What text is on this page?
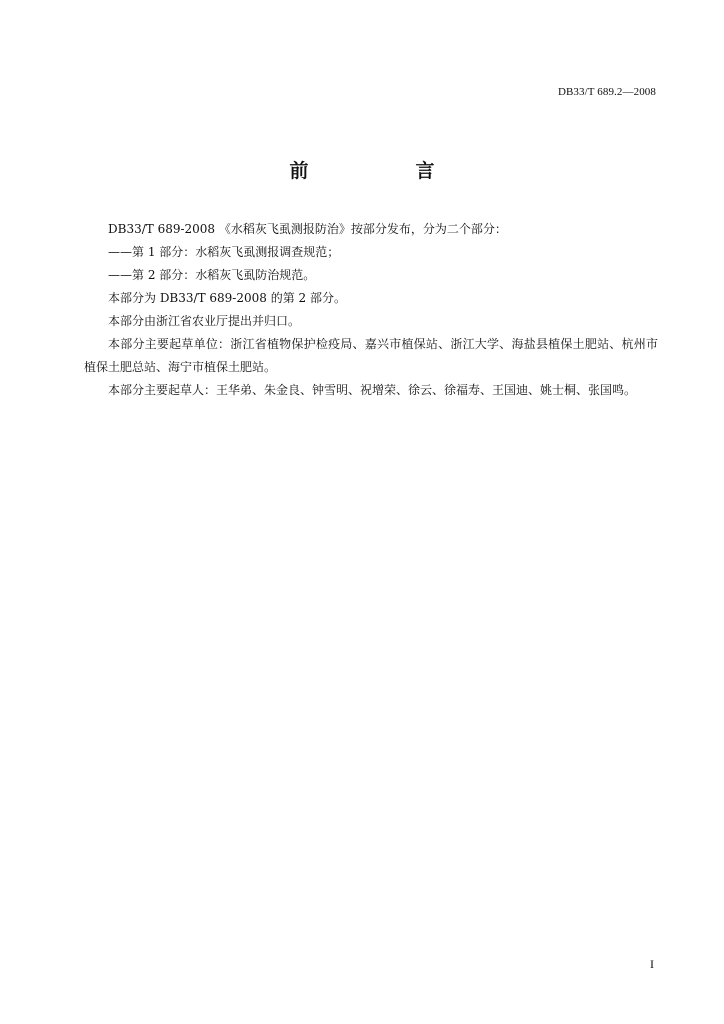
DB33/T 689.2—2008
前　言

DB33/T 689-2008 《水稻灰飞虱测报防治》按部分发布，分为二个部分：

——第 1 部分：水稻灰飞虱测报调查规范；

——第 2 部分：水稻灰飞虱防治规范。

本部分为 DB33/T 689-2008 的第 2 部分。

本部分由浙江省农业厅提出并归口。

本部分主要起草单位：浙江省植物保护检疫局、嘉兴市植保站、浙江大学、海盐县植保土肥站、杭州市植保土肥总站、海宁市植保土肥站。

本部分主要起草人：王华弟、朱金良、钟雪明、祝增荣、徐云、徐福寿、王国迪、姚士桐、张国鸣。

I
